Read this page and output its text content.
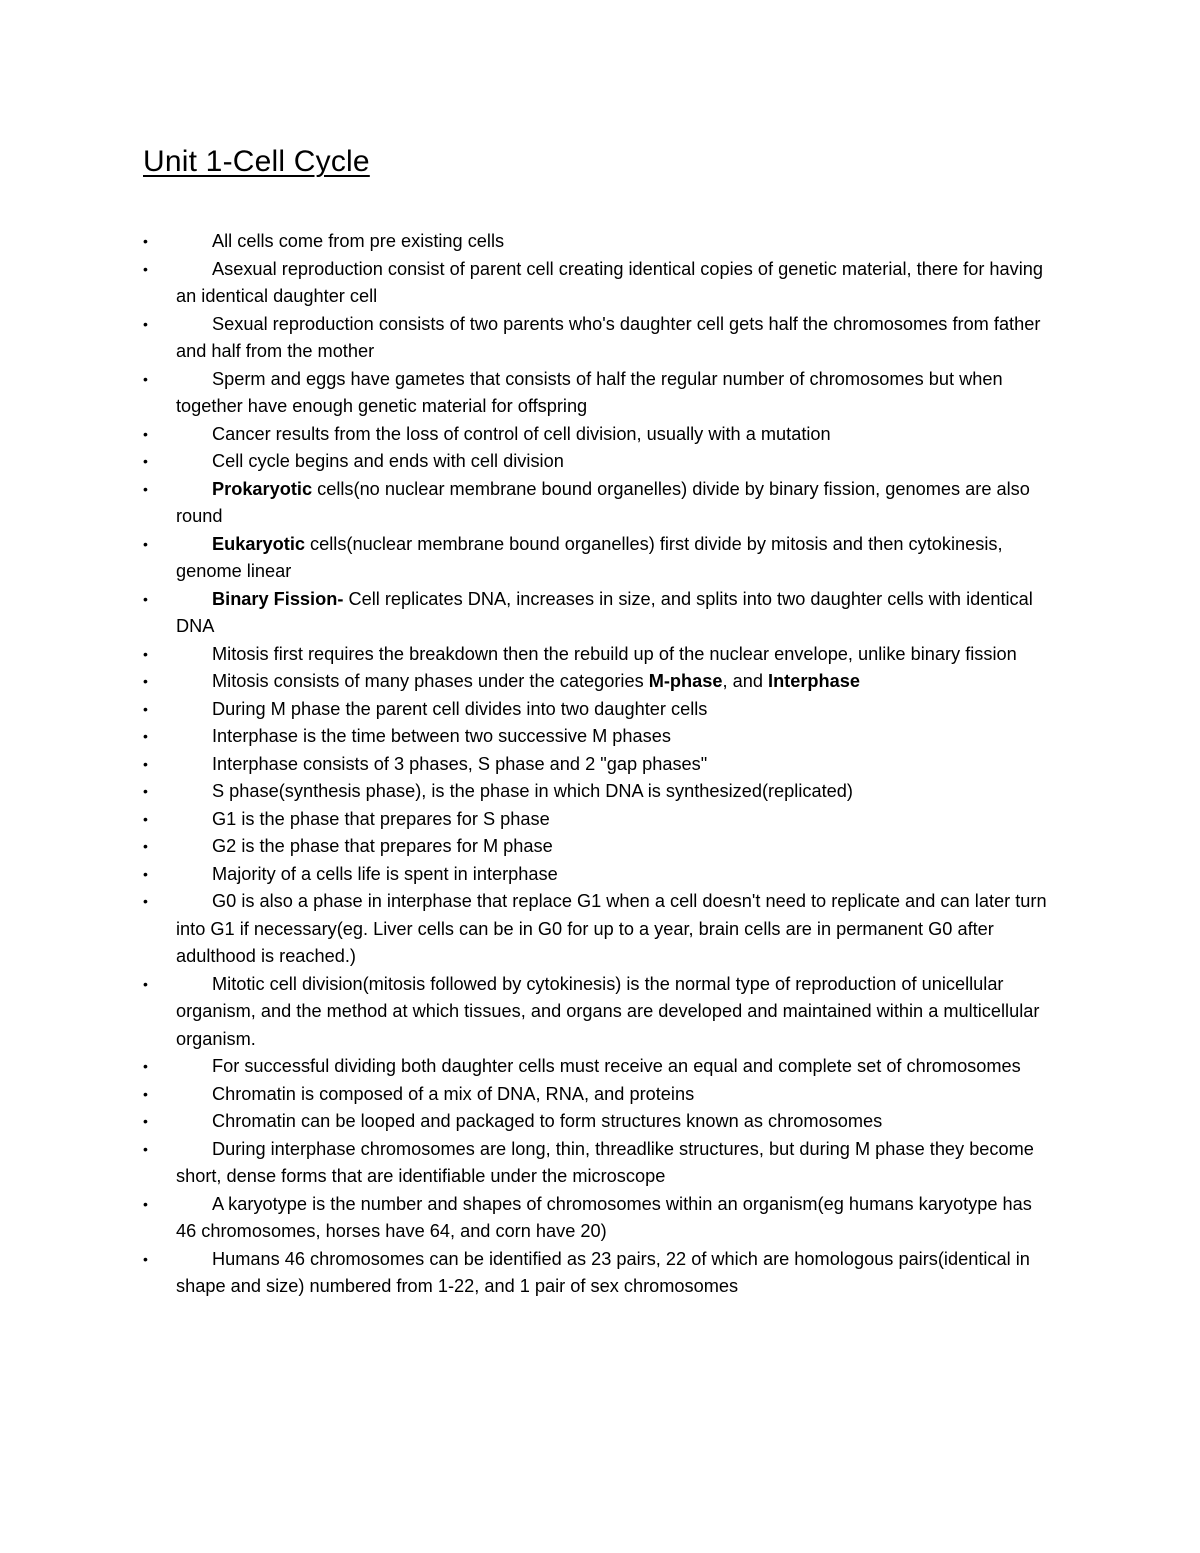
Unit 1-Cell Cycle
•	All cells come from pre existing cells
•	Asexual reproduction consist of parent cell creating identical copies of genetic material, there for having an identical daughter cell
•	Sexual reproduction consists of two parents who's daughter cell gets half the chromosomes from father and half from the mother
•	Sperm and eggs have gametes that consists of half the regular number of chromosomes but when together have enough genetic material for offspring
•	Cancer results from the loss of control of cell division, usually with a mutation
•	Cell cycle begins and ends with cell division
•	Prokaryotic cells(no nuclear membrane bound organelles) divide by binary fission, genomes are also round
•	Eukaryotic cells(nuclear membrane bound organelles) first divide by mitosis and then cytokinesis, genome linear
•	Binary Fission- Cell replicates DNA, increases in size, and splits into two daughter cells with identical DNA
•	Mitosis first requires the breakdown then the rebuild up of the nuclear envelope, unlike binary fission
•	Mitosis consists of many phases under the categories M-phase, and Interphase
•	During M phase the parent cell divides into two daughter cells
•	Interphase is the time between two successive M phases
•	Interphase consists of 3 phases, S phase and 2 "gap phases"
•	S phase(synthesis phase), is the phase in which DNA is synthesized(replicated)
•	G1 is the phase that prepares for S phase
•	G2 is the phase that prepares for M phase
•	Majority of a cells life is spent in interphase
•	G0 is also a phase in interphase that replace G1 when a cell doesn't need to replicate and can later turn into G1 if necessary(eg. Liver cells can be in G0 for up to a year, brain cells are in permanent G0 after adulthood is reached.)
•	Mitotic cell division(mitosis followed by cytokinesis) is the normal type of reproduction of unicellular organism, and the method at which tissues, and organs are developed and maintained within a multicellular organism.
•	For successful dividing both daughter cells must receive an equal and complete set of chromosomes
•	Chromatin is composed of a mix of DNA, RNA, and proteins
•	Chromatin can be looped and packaged to form structures known as chromosomes
•	During interphase chromosomes are long, thin, threadlike structures, but during M phase they become short, dense forms that are identifiable under the microscope
•	A karyotype is the number and shapes of chromosomes within an organism(eg humans karyotype has 46 chromosomes, horses have 64, and corn have 20)
•	Humans 46 chromosomes can be identified as 23 pairs, 22 of which are homologous pairs(identical in shape and size) numbered from 1-22, and 1 pair of sex chromosomes
